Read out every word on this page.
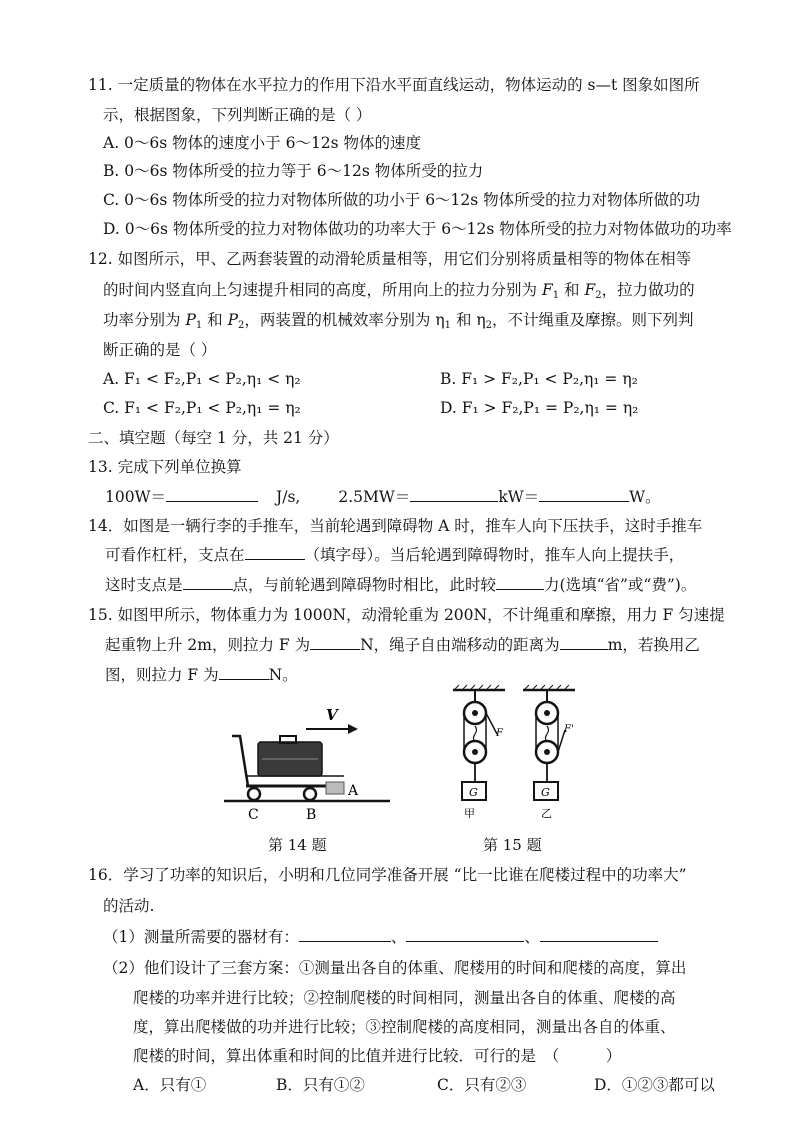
11. 一定质量的物体在水平拉力的作用下沿水平面直线运动，物体运动的 s—t 图象如图所
示，根据图象，下列判断正确的是（ ）
A. 0～6s 物体的速度小于 6～12s 物体的速度
B. 0～6s 物体所受的拉力等于 6～12s 物体所受的拉力
C. 0～6s 物体所受的拉力对物体所做的功小于 6～12s 物体所受的拉力对物体所做的功
D. 0～6s 物体所受的拉力对物体做功的功率大于 6～12s 物体所受的拉力对物体做功的功率
12. 如图所示，甲、乙两套装置的动滑轮质量相等，用它们分别将质量相等的物体在相等
的时间内竖直向上匀速提升相同的高度，所用向上的拉力分别为 $F_1$ 和 $F_2$，拉力做功的
功率分别为 $P_1$ 和 $P_2$，两装置的机械效率分别为 $\eta_1$ 和 $\eta_2$，不计绳重及摩擦。则下列判
断正确的是（ ）
A. F₁ < F₂,P₁ < P₂,η₁ < η₂	B. F₁ > F₂,P₁ < P₂,η₁ = η₂
C. F₁ < F₂,P₁ < P₂,η₁ = η₂	D. F₁ > F₂,P₁ = P₂,η₁ = η₂
二、填空题（每空 1 分，共 21 分）
13. 完成下列单位换算
100W＝	J/s, 2.5MW＝	kW＝	W。
14．如图是一辆行李的手推车，当前轮遇到障碍物 A 时，推车人向下压扶手，这时手推车
可看作杠杆，支点在	（填字母）。当后轮遇到障碍物时，推车人向上提扶手，
这时支点是	点，与前轮遇到障碍物时相比，此时较	力(选填“省”或“费”)。
15. 如图甲所示，物体重力为 1000N，动滑轮重为 200N，不计绳重和摩擦，用力 F 匀速提
起重物上升 2m，则拉力 F 为	N，绳子自由端移动的距离为	m，若换用乙
图，则拉力 F 为	N。
V
A
B
C
第 14 题
G
F
甲
G
F'
乙
第 15 题
16．学习了功率的知识后，小明和几位同学准备开展 “比一比谁在爬楼过程中的功率大”
的活动.
（1）测量所需要的器材有：	、	、
（2）他们设计了三套方案：①测量出各自的体重、爬楼用的时间和爬楼的高度，算出
爬楼的功率并进行比较；②控制爬楼的时间相同，测量出各自的体重、爬楼的高
度，算出爬楼做的功并进行比较；③控制爬楼的高度相同，测量出各自的体重、
爬楼的时间，算出体重和时间的比值并进行比较．可行的是　（　　　）
A．只有①	B．只有①②	C．只有②③	D．①②③都可以
